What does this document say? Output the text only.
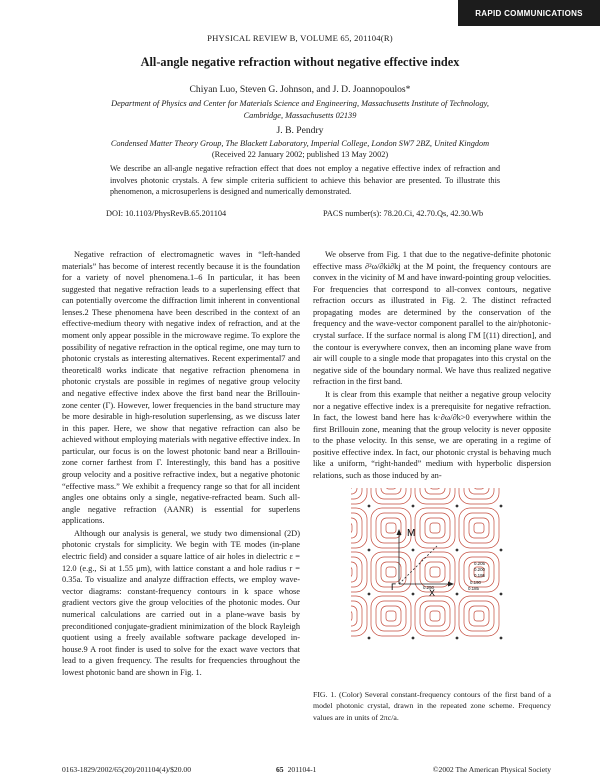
RAPID COMMUNICATIONS
PHYSICAL REVIEW B, VOLUME 65, 201104(R)
All-angle negative refraction without negative effective index
Chiyan Luo, Steven G. Johnson, and J. D. Joannopoulos*
Department of Physics and Center for Materials Science and Engineering, Massachusetts Institute of Technology, Cambridge, Massachusetts 02139
J. B. Pendry
Condensed Matter Theory Group, The Blackett Laboratory, Imperial College, London SW7 2BZ, United Kingdom
(Received 22 January 2002; published 13 May 2002)
We describe an all-angle negative refraction effect that does not employ a negative effective index of refraction and involves photonic crystals. A few simple criteria sufficient to achieve this behavior are presented. To illustrate this phenomenon, a microsuperlens is designed and numerically demonstrated.
DOI: 10.1103/PhysRevB.65.201104	PACS number(s): 78.20.Ci, 42.70.Qs, 42.30.Wb

Negative refraction of electromagnetic waves in “left-handed materials” has become of interest recently because it is the foundation for a variety of novel phenomena.1–6 In particular, it has been suggested that negative refraction leads to a superlensing effect that can potentially overcome the diffraction limit inherent in conventional lenses.2 These phenomena have been described in the context of an effective-medium theory with negative index of refraction, and at the moment only appear possible in the microwave regime. To explore the possibility of negative refraction in the optical regime, one may turn to photonic crystals as interesting alternatives. Recent experimental7 and theoretical8 works indicate that negative refraction phenomena in photonic crystals are possible in regimes of negative group velocity and negative effective index above the first band near the Brillouin-zone center (Γ). However, lower frequencies in the band structure may be more desirable in high-resolution superlensing, as we discuss later in this paper. Here, we show that negative refraction can also be achieved without employing materials with negative effective index. In particular, our focus is on the lowest photonic band near a Brillouin-zone corner farthest from Γ. Interestingly, this band has a positive group velocity and a positive refractive index, but a negative photonic “effective mass.” We exhibit a frequency range so that for all incident angles one obtains only a single, negative-refracted beam. Such all-angle negative refraction (AANR) is essential for superlens applications.

Although our analysis is general, we study two dimensional (2D) photonic crystals for simplicity. We begin with TE modes (in-plane electric field) and consider a square lattice of air holes in dielectric ε = 12.0 (e.g., Si at 1.55 μm), with lattice constant a and hole radius r = 0.35a. To visualize and analyze diffraction effects, we employ wave-vector diagrams: constant-frequency contours in k space whose gradient vectors give the group velocities of the photonic modes. Our numerical calculations are carried out in a plane-wave basis by preconditioned conjugate-gradient minimization of the block Rayleigh quotient using a freely available software package developed in-house.9 A root finder is used to solve for the exact wave vectors that lead to a given frequency. The results for frequencies throughout the lowest photonic band are shown in Fig. 1.

We observe from Fig. 1 that due to the negative-definite photonic effective mass ∂²ω/∂ki∂kj at the M point, the frequency contours are convex in the vicinity of M and have inward-pointing group velocities. For frequencies that correspond to all-convex contours, negative refraction occurs as illustrated in Fig. 2. The distinct refracted propagating modes are determined by the conservation of the frequency and the wave-vector component parallel to the air/photonic-crystal surface. If the surface normal is along ΓM [(11) direction], and the contour is everywhere convex, then an incoming plane wave from air will couple to a single mode that propagates into this crystal on the negative side of the boundary normal. We have thus realized negative refraction in the first band.

It is clear from this example that neither a negative group velocity nor a negative effective index is a prerequisite for negative refraction. In fact, the lowest band here has k·∂ω/∂k>0 everywhere within the first Brillouin zone, meaning that the group velocity is never opposite to the phase velocity. In this sense, we are operating in a regime of positive effective index. In fact, our photonic crystal is behaving much like a uniform, “right-handed” medium with hyperbolic dispersion relations, such as those induced by an-

M
X
Γ
0.205
0.200
0.195
0.190
0.185
0.250
FIG. 1. (Color) Several constant-frequency contours of the first band of a model photonic crystal, drawn in the repeated zone scheme. Frequency values are in units of 2πc/a.
0163-1829/2002/65(20)/201104(4)/$20.00	65 201104-1	©2002 The American Physical Society
